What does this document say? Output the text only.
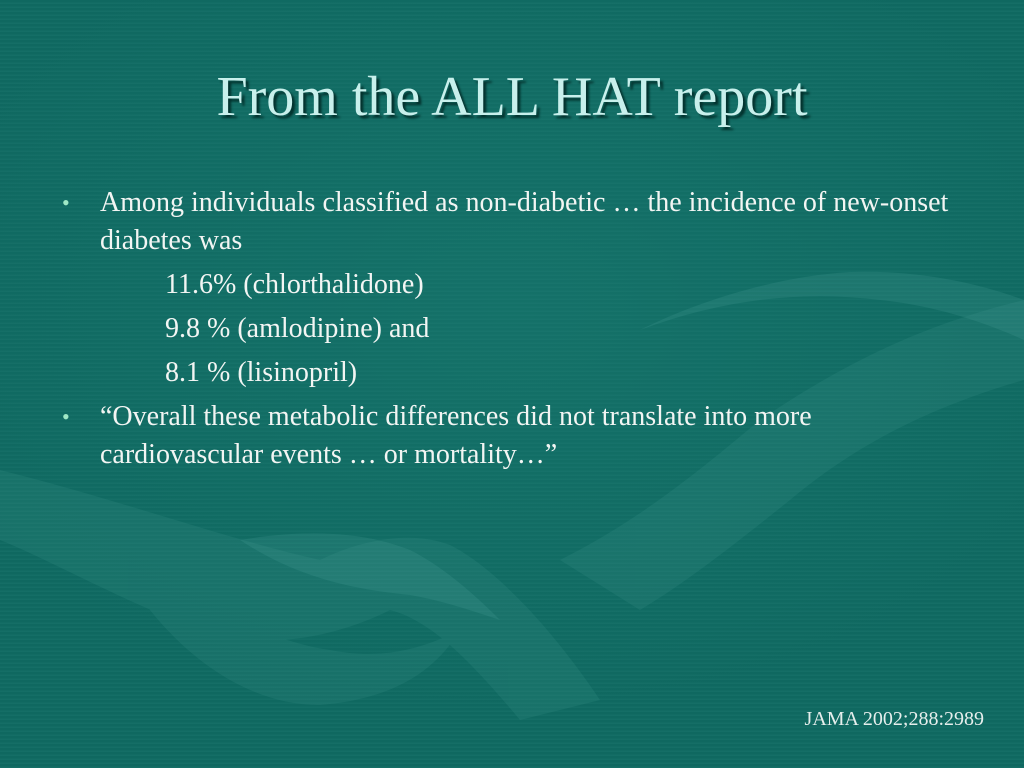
From the ALL HAT report
• Among individuals classified as non-diabetic … the incidence of new-onset diabetes was
11.6% (chlorthalidone)
9.8 % (amlodipine) and
8.1 % (lisinopril)
• “Overall these metabolic differences did not translate into more cardiovascular events … or mortality…”
JAMA 2002;288:2989
